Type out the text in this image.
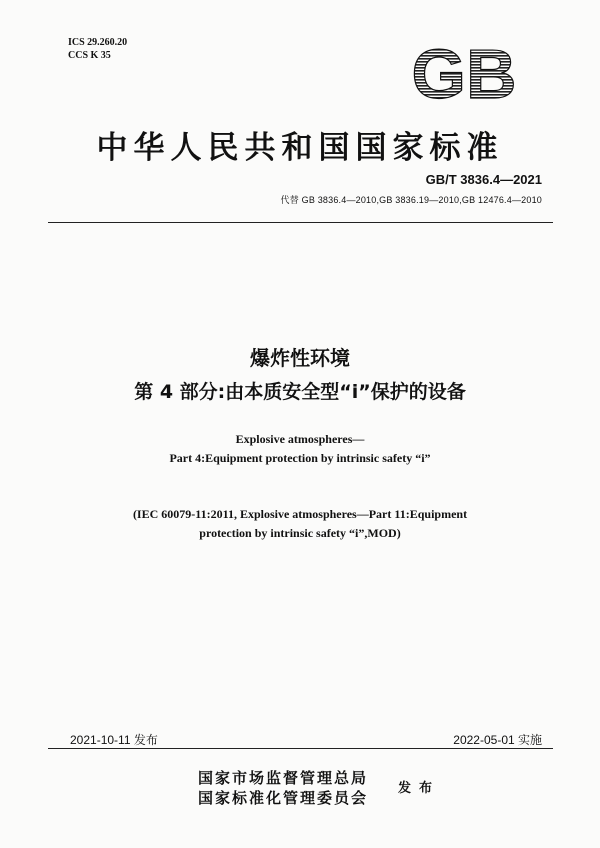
ICS 29.260.20
CCS K 35	GB
中华人民共和国国家标准
GB/T 3836.4—2021
代替 GB 3836.4—2010,GB 3836.19—2010,GB 12476.4—2010
爆炸性环境
第 4 部分:由本质安全型“i”保护的设备
Explosive atmospheres—
Part 4:Equipment protection by intrinsic safety “i”
(IEC 60079-11:2011, Explosive atmospheres—Part 11:Equipment
protection by intrinsic safety “i”,MOD)
2021-10-11 发布	2022-05-01 实施
国家市场监督管理总局
国家标准化管理委员会
发布
